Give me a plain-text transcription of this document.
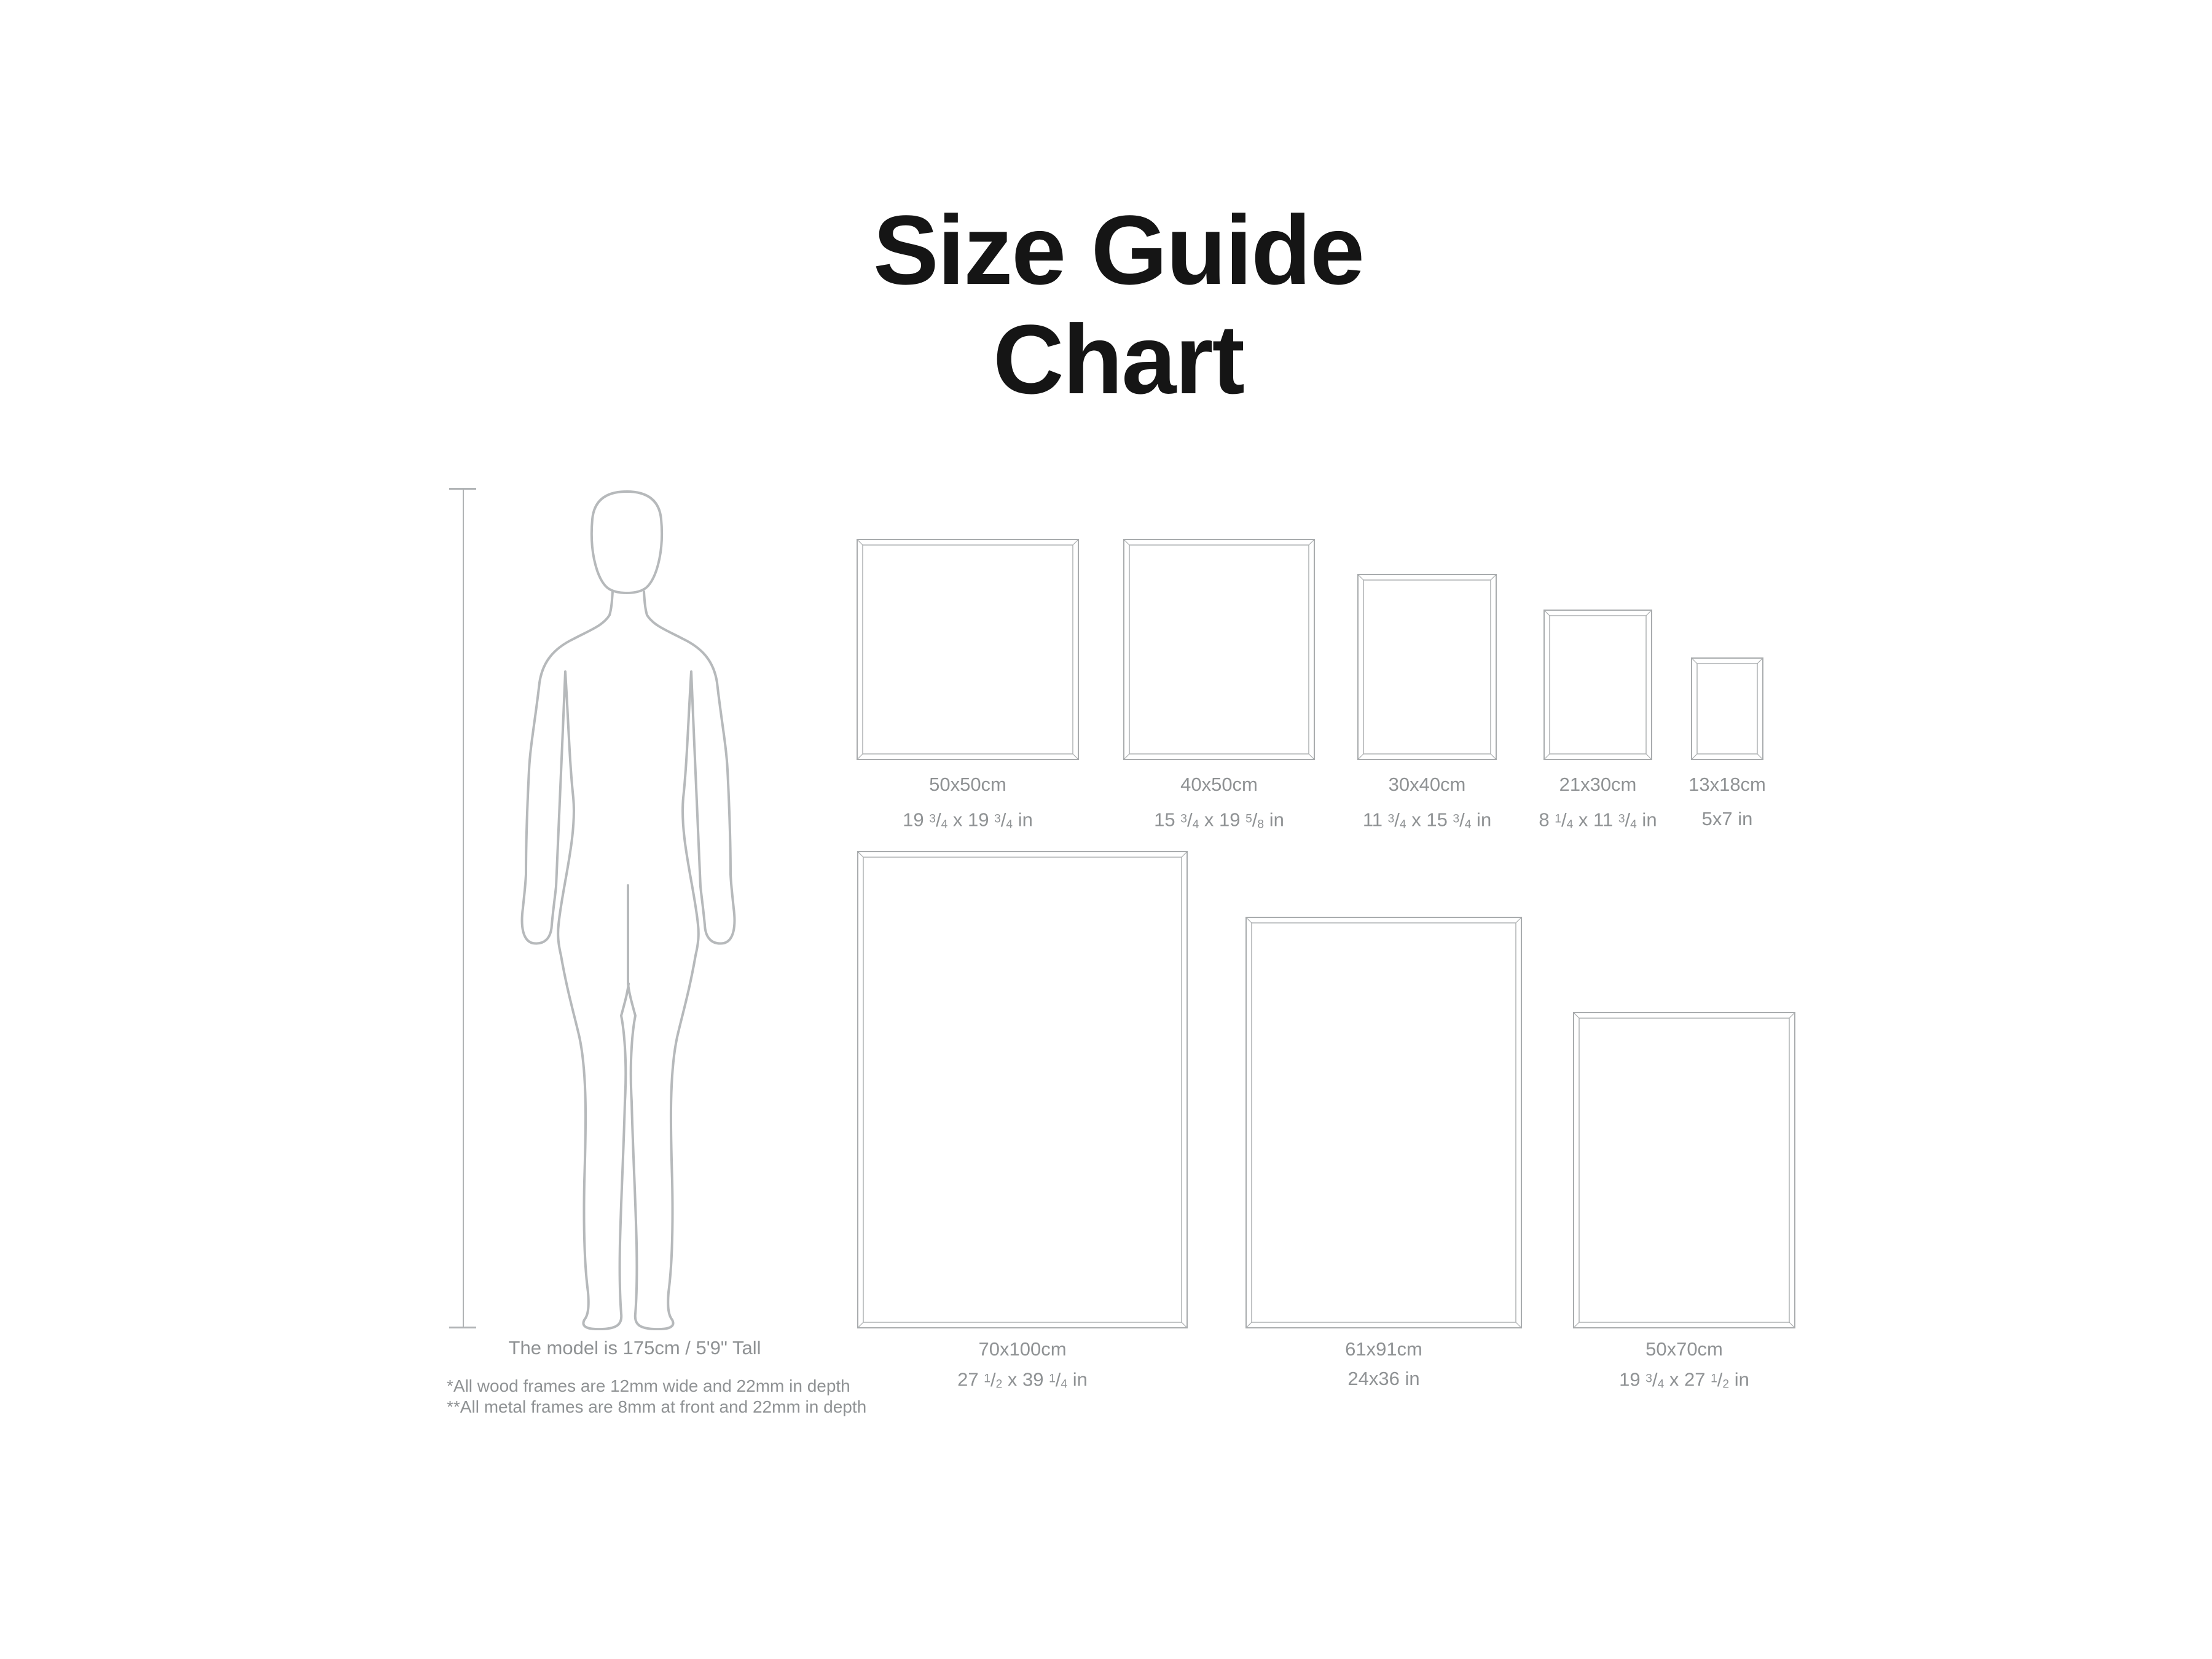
Size Guide
Chart
50x50cm
19 $^3/_4$ x 19 $^3/_4$ in
40x50cm
15 $^3/_4$ x 19 $^5/_8$ in
30x40cm
11 $^3/_4$ x 15 $^3/_4$ in
21x30cm
8 $^1/_4$ x 11 $^3/_4$ in
13x18cm
5x7 in
70x100cm
27 $^1/_2$ x 39 $^1/_4$ in
61x91cm
24x36 in
50x70cm
19 $^3/_4$ x 27 $^1/_2$ in
The model is 175cm / 5'9" Tall
*All wood frames are 12mm wide and 22mm in depth
**All metal frames are 8mm at front and 22mm in depth
